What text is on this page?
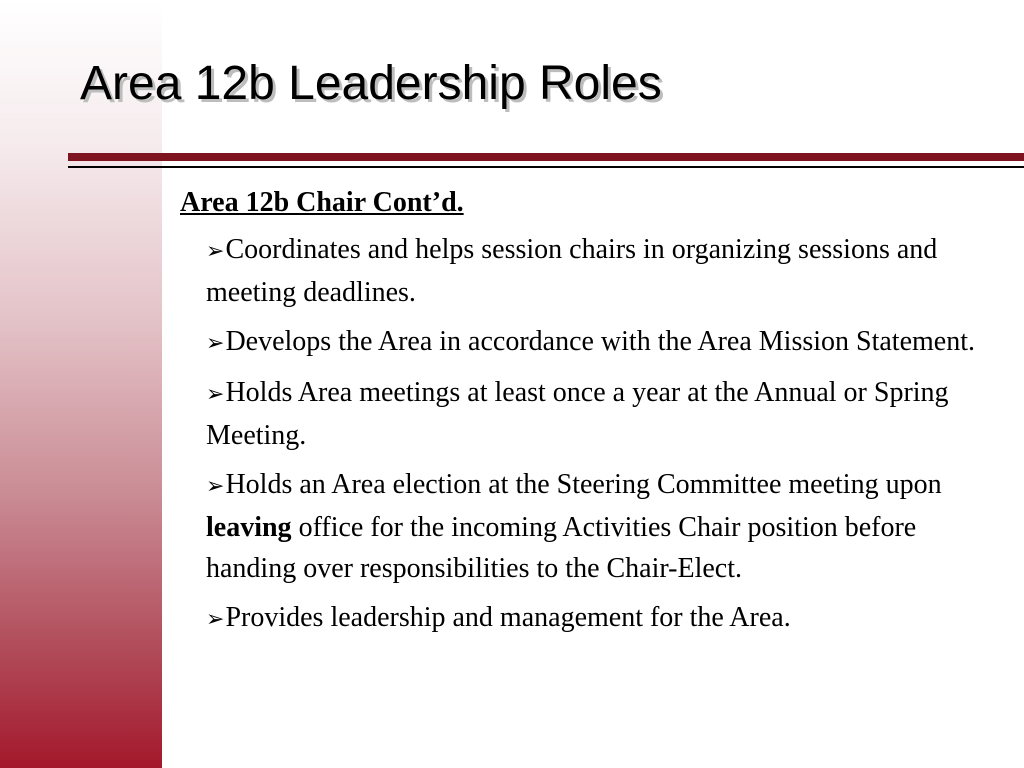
Area 12b Leadership Roles

Area 12b Chair Cont’d.

➢Coordinates and helps session chairs in organizing sessions and meeting deadlines.
➢Develops the Area in accordance with the Area Mission Statement.
➢Holds Area meetings at least once a year at the Annual or Spring Meeting.
➢Holds an Area election at the Steering Committee meeting upon leaving office for the incoming Activities Chair position before handing over responsibilities to the Chair-Elect.
➢Provides leadership and management for the Area.
